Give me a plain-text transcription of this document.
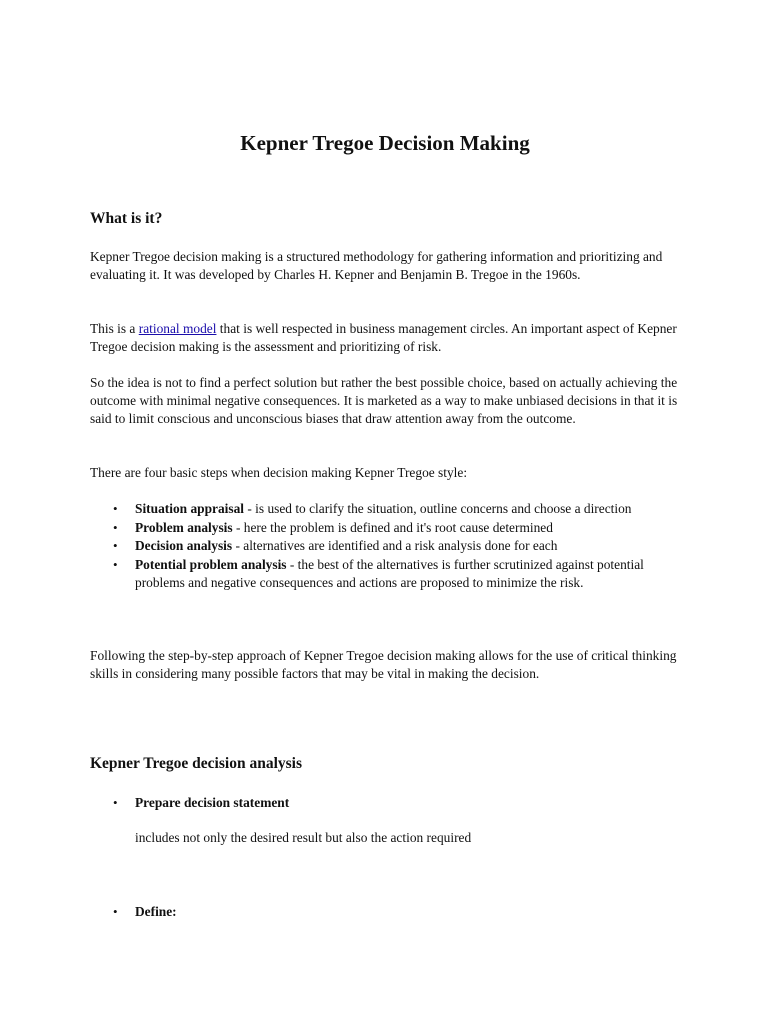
Kepner Tregoe Decision Making
What is it?

Kepner Tregoe decision making is a structured methodology for gathering information and prioritizing and evaluating it. It was developed by Charles H. Kepner and Benjamin B. Tregoe in the 1960s.

This is a rational model that is well respected in business management circles. An important aspect of Kepner Tregoe decision making is the assessment and prioritizing of risk.

So the idea is not to find a perfect solution but rather the best possible choice, based on actually achieving the outcome with minimal negative consequences. It is marketed as a way to make unbiased decisions in that it is said to limit conscious and unconscious biases that draw attention away from the outcome.

There are four basic steps when decision making Kepner Tregoe style:

• Situation appraisal - is used to clarify the situation, outline concerns and choose a direction
• Problem analysis - here the problem is defined and it's root cause determined
• Decision analysis - alternatives are identified and a risk analysis done for each
• Potential problem analysis - the best of the alternatives is further scrutinized against potential problems and negative consequences and actions are proposed to minimize the risk.

Following the step-by-step approach of Kepner Tregoe decision making allows for the use of critical thinking skills in considering many possible factors that may be vital in making the decision.

Kepner Tregoe decision analysis
• Prepare decision statement
includes not only the desired result but also the action required
• Define:
